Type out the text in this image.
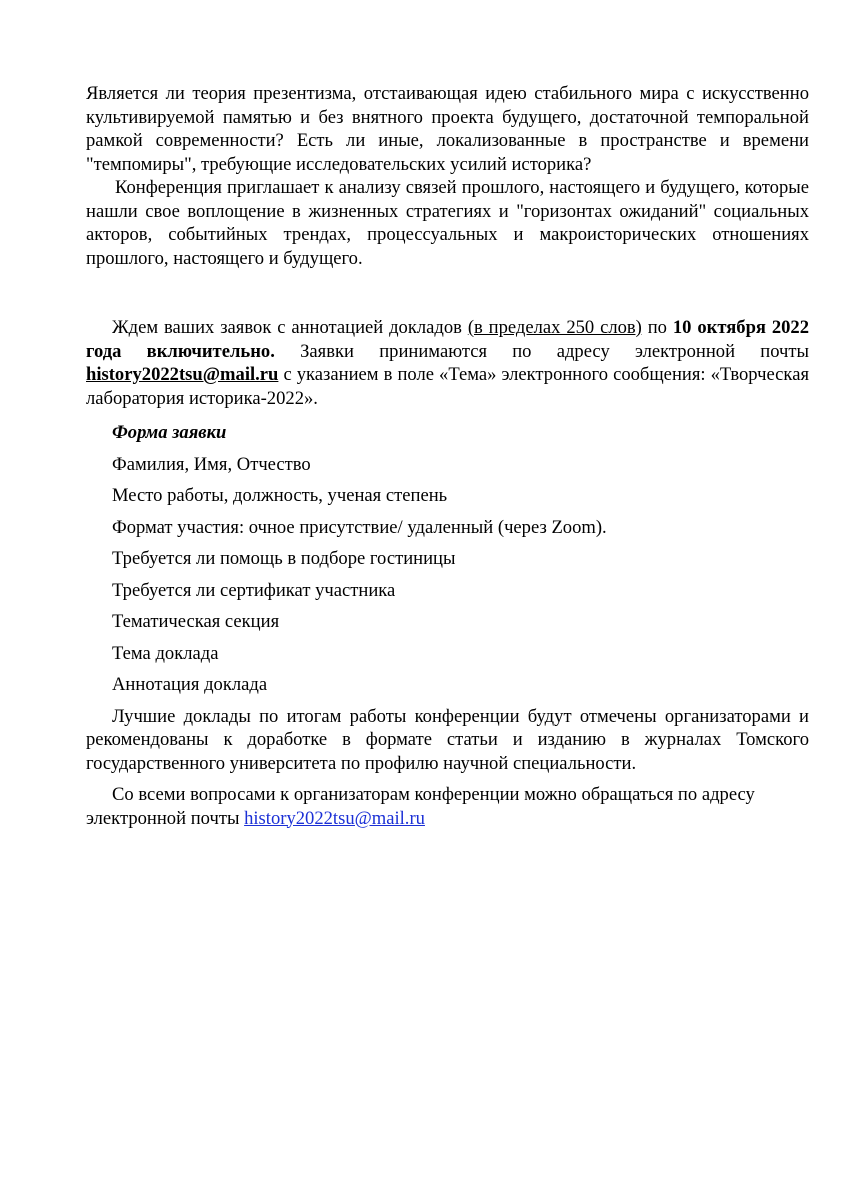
Является ли теория презентизма, отстаивающая идею стабильного мира с искусственно культивируемой памятью и без внятного проекта будущего, достаточной темпоральной рамкой современности? Есть ли иные, локализованные в пространстве и времени "темпомиры", требующие исследовательских усилий историка?

Конференция приглашает к анализу связей прошлого, настоящего и будущего, которые нашли свое воплощение в жизненных стратегиях и "горизонтах ожиданий" социальных акторов, событийных трендах, процессуальных и макроисторических отношениях прошлого, настоящего и будущего.

Ждем ваших заявок с аннотацией докладов (в пределах 250 слов) по 10 октября 2022 года включительно. Заявки принимаются по адресу электронной почты history2022tsu@mail.ru с указанием в поле «Тема» электронного сообщения: «Творческая лаборатория историка-2022».

Форма заявки

Фамилия, Имя, Отчество
Место работы, должность, ученая степень
Формат участия: очное присутствие/ удаленный (через Zoom).
Требуется ли помощь в подборе гостиницы
Требуется ли сертификат участника
Тематическая секция
Тема доклада
Аннотация доклада

Лучшие доклады по итогам работы конференции будут отмечены организаторами и рекомендованы к доработке в формате статьи и изданию в журналах Томского государственного университета по профилю научной специальности.

Со всеми вопросами к организаторам конференции можно обращаться по адресу электронной почты history2022tsu@mail.ru
